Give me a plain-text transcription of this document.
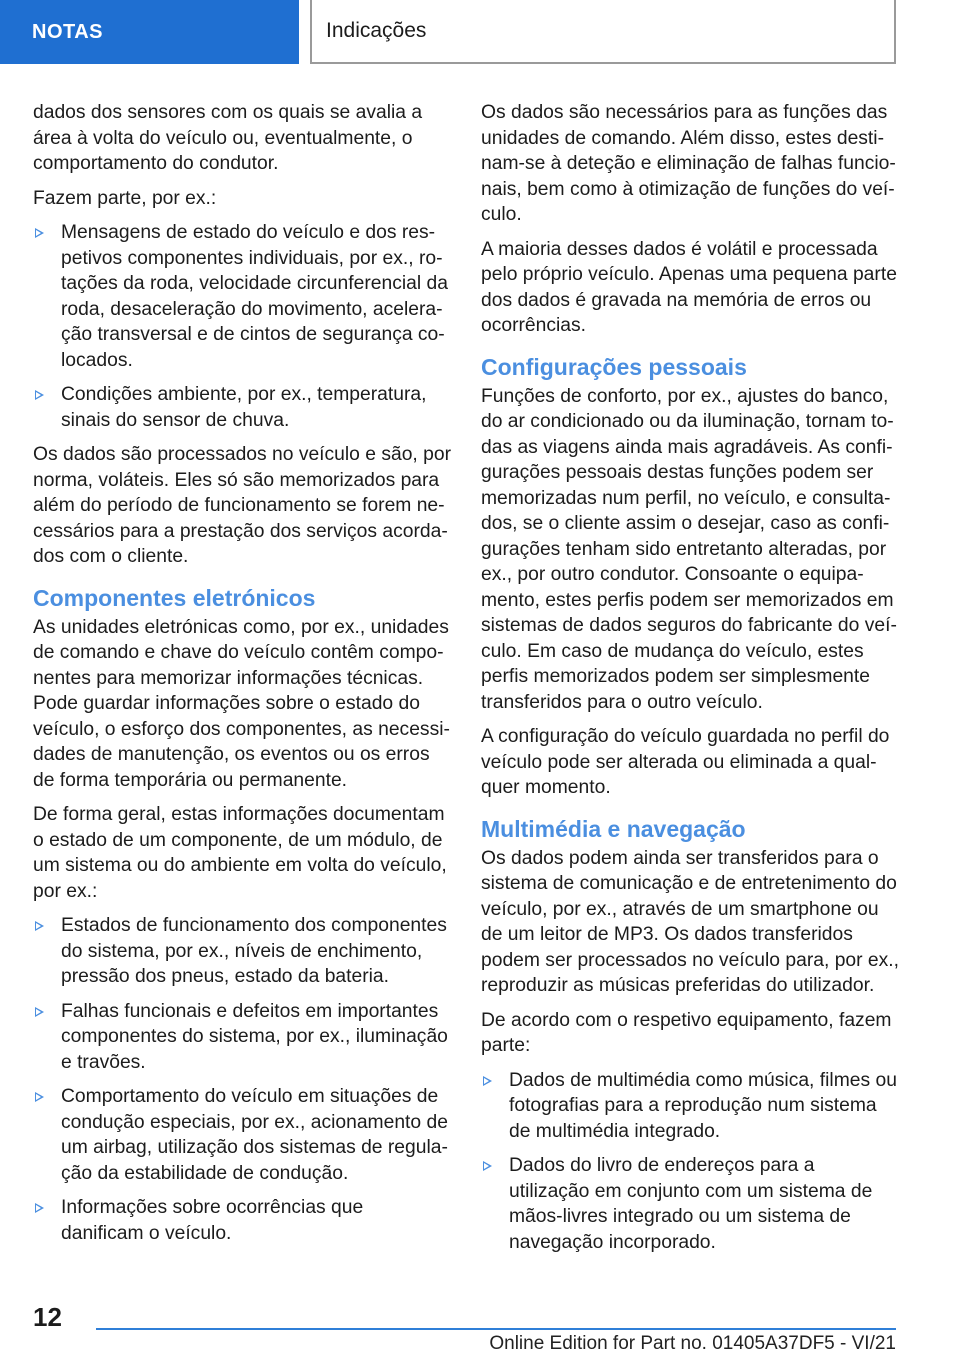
NOTAS	Indicações

dados dos sensores com os quais se avalia a área à volta do veículo ou, eventualmente, o comportamento do condutor.

Fazem parte, por ex.:

Mensagens de estado do veículo e dos respetivos componentes individuais, por ex., rotações da roda, velocidade circunferencial da roda, desaceleração do movimento, aceleração transversal e de cintos de segurança colocados.
Condições ambiente, por ex., temperatura, sinais do sensor de chuva.

Os dados são processados no veículo e são, por norma, voláteis. Eles só são memorizados para além do período de funcionamento se forem necessários para a prestação dos serviços acordados com o cliente.

Componentes eletrónicos

As unidades eletrónicas como, por ex., unidades de comando e chave do veículo contêm componentes para memorizar informações técnicas. Pode guardar informações sobre o estado do veículo, o esforço dos componentes, as necessidades de manutenção, os eventos ou os erros de forma temporária ou permanente.

De forma geral, estas informações documentam o estado de um componente, de um módulo, de um sistema ou do ambiente em volta do veículo, por ex.:

Estados de funcionamento dos componentes do sistema, por ex., níveis de enchimento, pressão dos pneus, estado da bateria.
Falhas funcionais e defeitos em importantes componentes do sistema, por ex., iluminação e travões.
Comportamento do veículo em situações de condução especiais, por ex., acionamento de um airbag, utilização dos sistemas de regulação da estabilidade de condução.
Informações sobre ocorrências que danificam o veículo.

Os dados são necessários para as funções das unidades de comando. Além disso, estes destinam-se à deteção e eliminação de falhas funcionais, bem como à otimização de funções do veículo.

A maioria desses dados é volátil e processada pelo próprio veículo. Apenas uma pequena parte dos dados é gravada na memória de erros ou ocorrências.

Configurações pessoais

Funções de conforto, por ex., ajustes do banco, do ar condicionado ou da iluminação, tornam todas as viagens ainda mais agradáveis. As configurações pessoais destas funções podem ser memorizadas num perfil, no veículo, e consultados, se o cliente assim o desejar, caso as configurações tenham sido entretanto alteradas, por ex., por outro condutor. Consoante o equipamento, estes perfis podem ser memorizados em sistemas de dados seguros do fabricante do veículo. Em caso de mudança do veículo, estes perfis memorizados podem ser simplesmente transferidos para o outro veículo.

A configuração do veículo guardada no perfil do veículo pode ser alterada ou eliminada a qualquer momento.

Multimédia e navegação

Os dados podem ainda ser transferidos para o sistema de comunicação e de entretenimento do veículo, por ex., através de um smartphone ou de um leitor de MP3. Os dados transferidos podem ser processados no veículo para, por ex., reproduzir as músicas preferidas do utilizador.

De acordo com o respetivo equipamento, fazem parte:

Dados de multimédia como música, filmes ou fotografias para a reprodução num sistema de multimédia integrado.
Dados do livro de endereços para a utilização em conjunto com um sistema de mãos-livres integrado ou um sistema de navegação incorporado.
12
Online Edition for Part no. 01405A37DF5 - VI/21
